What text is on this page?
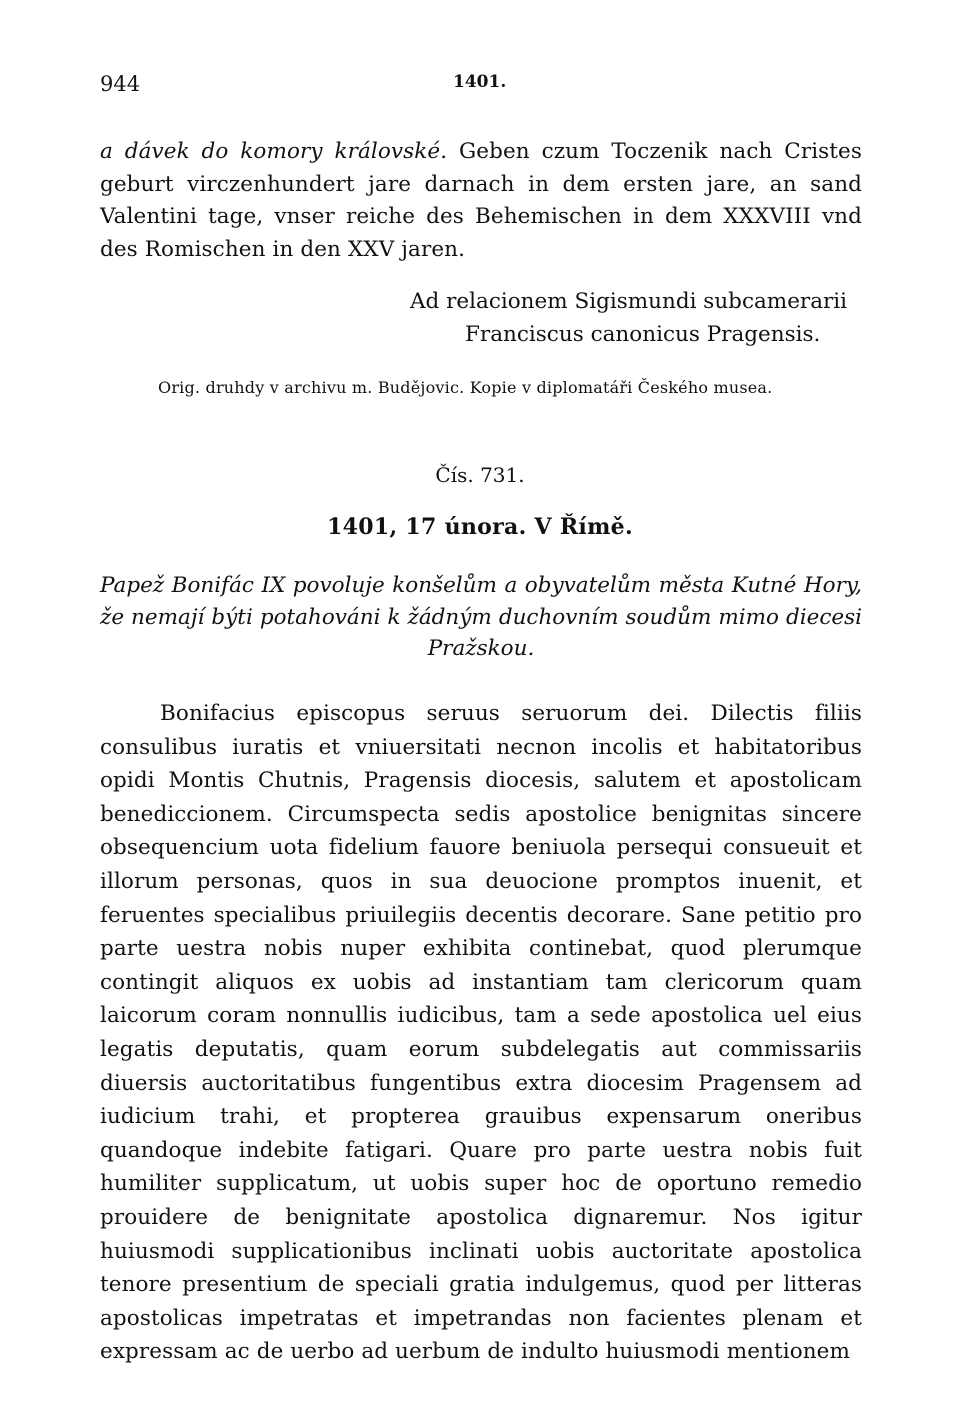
944	1401.

a dávek do komory královské. Geben czum Toczenik nach Cristes geburt virczenhundert jare darnach in dem ersten jare, an sand Valentini tage, vnser reiche des Behemischen in dem XXXVIII vnd des Romischen in den XXV jaren.

Ad relacionem Sigismundi subcamerarii
Franciscus canonicus Pragensis.
Orig. druhdy v archivu m. Budějovic. Kopie v diplomatáři Českého musea.
Čís. 731.
1401, 17 února. V Římě.
Papež Bonifác IX povoluje konšelům a obyvatelům města Kutné Hory,
že nemají býti potahováni k žádným duchovním soudům mimo diecesi
Pražskou.

Bonifacius episcopus seruus seruorum dei. Dilectis filiis consulibus iuratis et vniuersitati necnon incolis et habitatoribus opidi Montis Chutnis, Pragensis diocesis, salutem et apostolicam benediccionem. Circumspecta sedis apostolice benignitas sincere obsequencium uota fidelium fauore beniuola persequi consueuit et illorum personas, quos in sua deuocione promptos inuenit, et feruentes specialibus priuilegiis decentis decorare. Sane petitio pro parte uestra nobis nuper exhibita continebat, quod plerumque contingit aliquos ex uobis ad instantiam tam clericorum quam laicorum coram nonnullis iudicibus, tam a sede apostolica uel eius legatis deputatis, quam eorum subdelegatis aut commissariis diuersis auctoritatibus fungentibus extra diocesim Pragensem ad iudicium trahi, et propterea grauibus expensarum oneribus quandoque indebite fatigari. Quare pro parte uestra nobis fuit humiliter supplicatum, ut uobis super hoc de oportuno remedio prouidere de benignitate apostolica dignaremur. Nos igitur huiusmodi supplicationibus inclinati uobis auctoritate apostolica tenore presentium de speciali gratia indulgemus, quod per litteras apostolicas impetratas et impetrandas non facientes plenam et expressam ac de uerbo ad uerbum de indulto huiusmodi mentionem
